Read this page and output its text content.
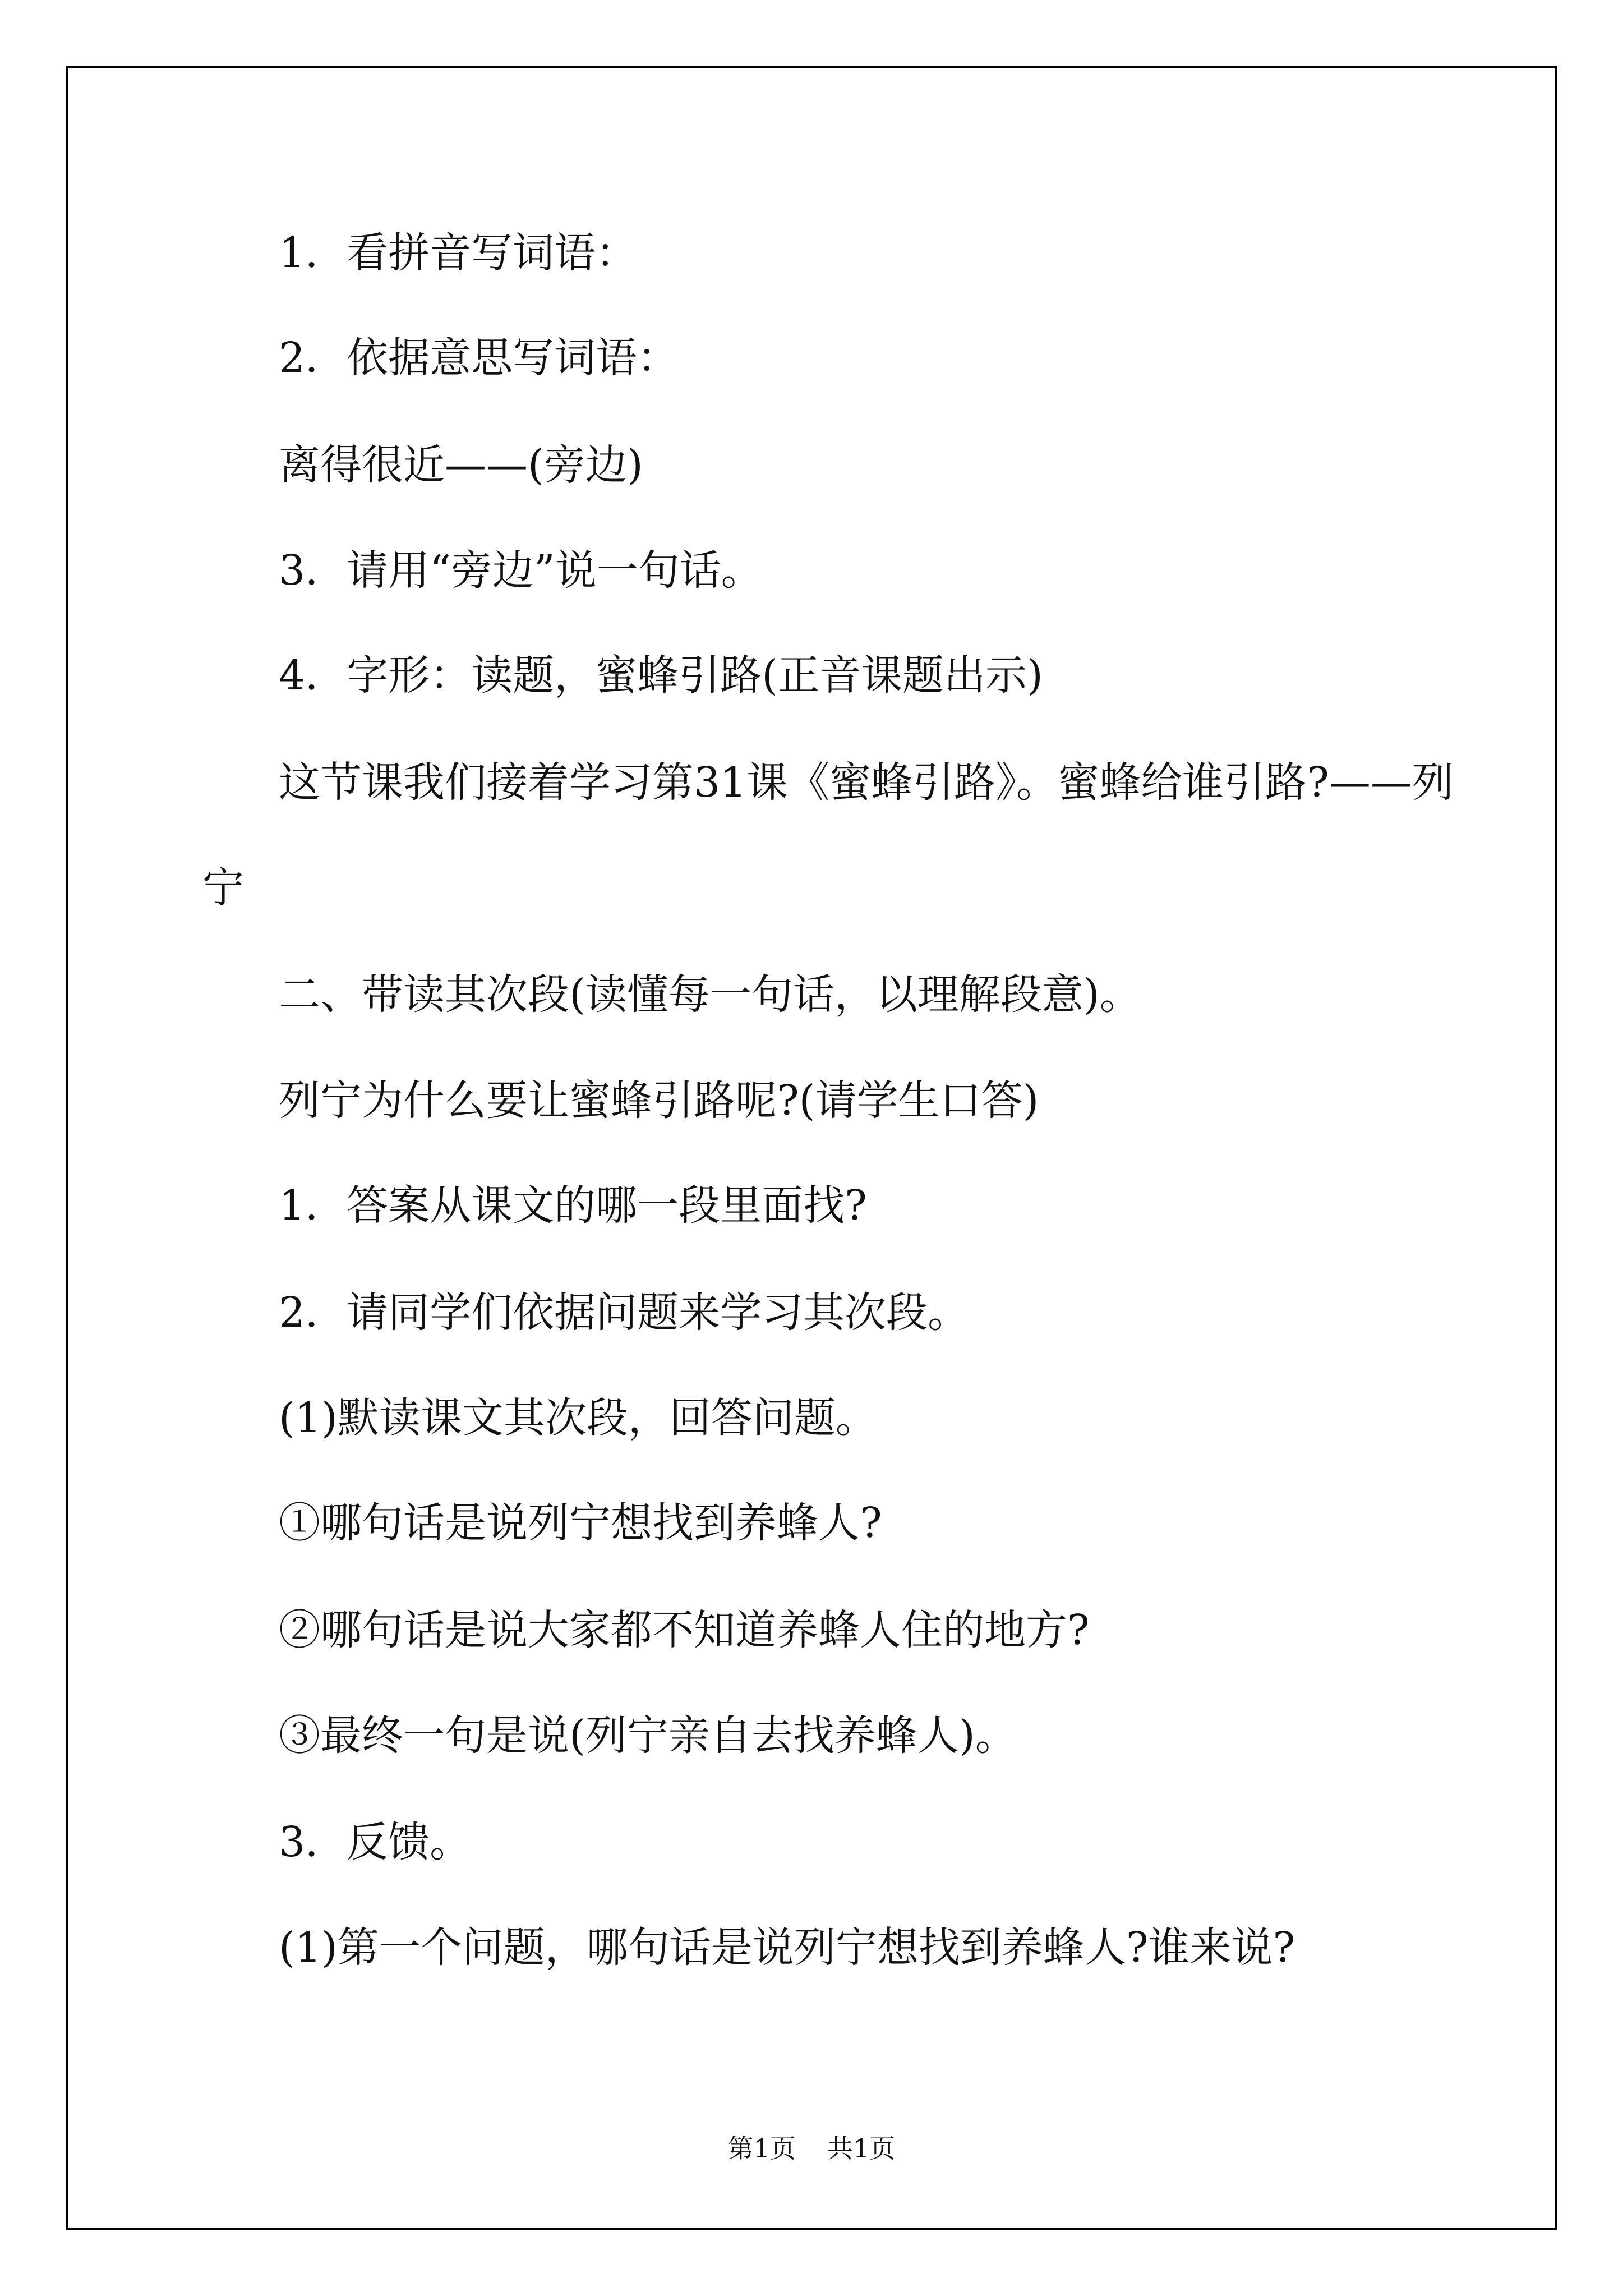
1．看拼音写词语：
2．依据意思写词语：
离得很近——(旁边)
3．请用“旁边”说一句话。
4．字形：读题，蜜蜂引路(正音课题出示)
这节课我们接着学习第31课《蜜蜂引路》。蜜蜂给谁引路?——列
宁
二、带读其次段(读懂每一句话，以理解段意)。
列宁为什么要让蜜蜂引路呢?(请学生口答)
1．答案从课文的哪一段里面找?
2．请同学们依据问题来学习其次段。
(1)默读课文其次段，回答问题。
①哪句话是说列宁想找到养蜂人?
②哪句话是说大家都不知道养蜂人住的地方?
③最终一句是说(列宁亲自去找养蜂人)。
3．反馈。
(1)第一个问题，哪句话是说列宁想找到养蜂人?谁来说?
第1页 共1页
